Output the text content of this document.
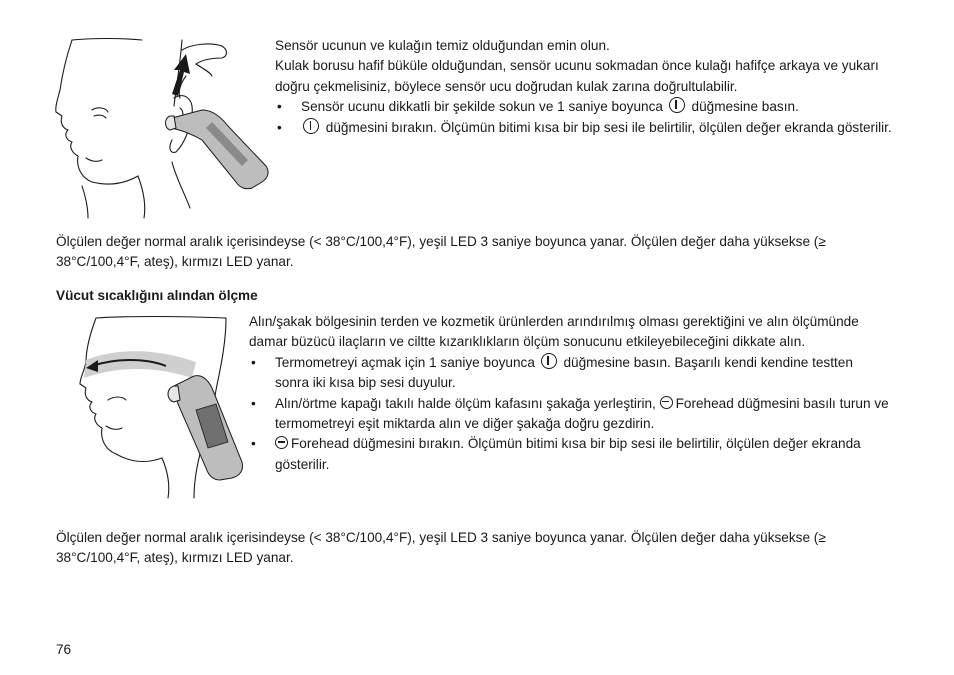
Sensör ucunun ve kulağın temiz olduğundan emin olun.

Kulak borusu hafif büküle olduğundan, sensör ucunu sokmadan önce kulağı hafifçe arkaya ve yukarı doğru çekmelisiniz, böylece sensör ucu doğrudan kulak zarına doğrultulabilir.

• Sensör ucunu dikkatli bir şekilde sokun ve 1 saniye boyunca düğmesine basın.
• düğmesini bırakın. Ölçümün bitimi kısa bir bip sesi ile belirtilir, ölçülen değer ekranda gösterilir.

Ölçülen değer normal aralık içerisindeyse (< 38°C/100,4°F), yeşil LED 3 saniye boyunca yanar. Ölçülen değer daha yüksekse (≥ 38°C/100,4°F, ateş), kırmızı LED yanar.

Vücut sıcaklığını alından ölçme

Alın/şakak bölgesinin terden ve kozmetik ürünlerden arındırılmış olması gerektiğini ve alın ölçümünde damar büzücü ilaçların ve ciltte kızarıklıkların ölçüm sonucunu etkileyebileceğini dikkate alın.

• Termometreyi açmak için 1 saniye boyunca düğmesine basın. Başarılı kendi kendine testten sonra iki kısa bip sesi duyulur.
• Alın/örtme kapağı takılı halde ölçüm kafasını şakağa yerleştirin, Forehead düğmesini basılı turun ve termometreyi eşit miktarda alın ve diğer şakağa doğru gezdirin.
• Forehead düğmesini bırakın. Ölçümün bitimi kısa bir bip sesi ile belirtilir, ölçülen değer ekranda gösterilir.

Ölçülen değer normal aralık içerisindeyse (< 38°C/100,4°F), yeşil LED 3 saniye boyunca yanar. Ölçülen değer daha yüksekse (≥ 38°C/100,4°F, ateş), kırmızı LED yanar.

76
